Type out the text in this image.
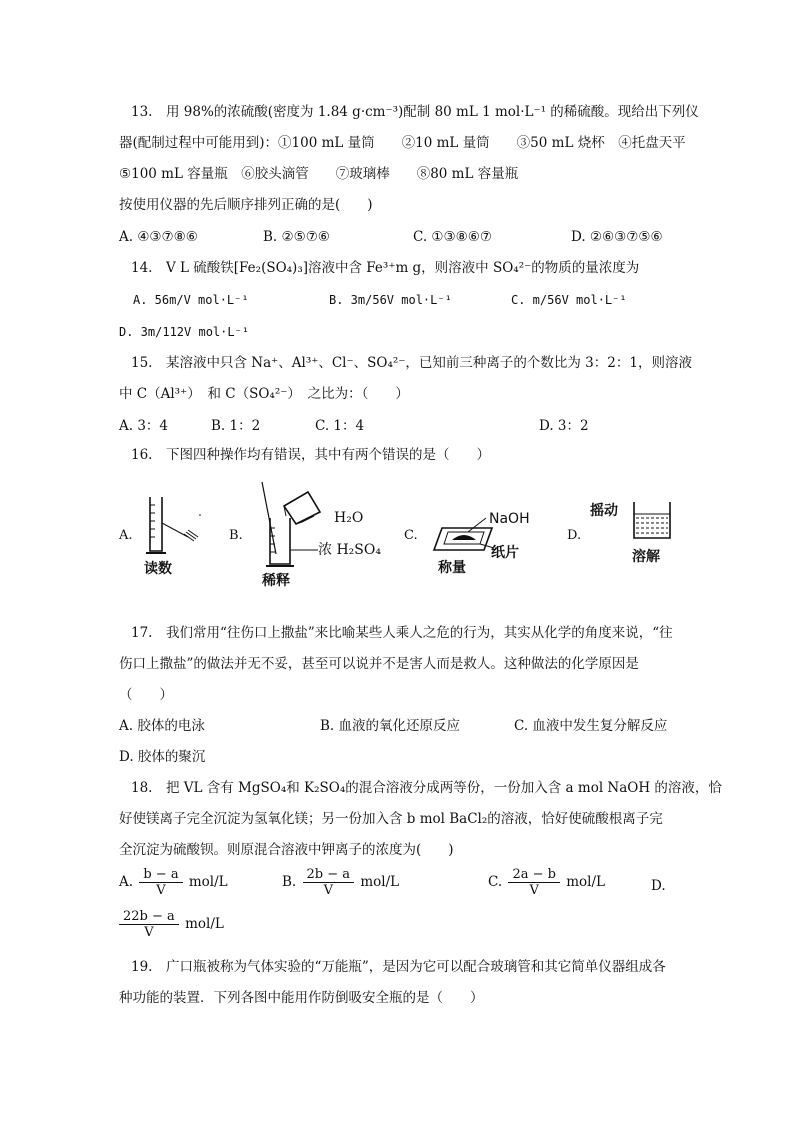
13.　用 98%的浓硫酸(密度为 1.84 g·cm⁻³)配制 80 mL 1 mol·L⁻¹ 的稀硫酸。现给出下列仪
器(配制过程中可能用到)：①100 mL 量筒　　②10 mL 量筒　　③50 mL 烧杯　④托盘天平
⑤100 mL 容量瓶　⑥胶头滴管　　⑦玻璃棒　　⑧80 mL 容量瓶
按使用仪器的先后顺序排列正确的是(　　)
A. ④③⑦⑧⑥	B. ②⑤⑦⑥	C. ①③⑧⑥⑦	D. ②⑥③⑦⑤⑥
14.　V L 硫酸铁[Fe₂(SO₄)₃]溶液中含 Fe³⁺m g，则溶液中 SO₄²⁻的物质的量浓度为
A. 56m/V mol·L⁻¹	B. 3m/56V mol·L⁻¹	C. m/56V mol·L⁻¹
D. 3m/112V mol·L⁻¹
15.　某溶液中只含 Na⁺、Al³⁺、Cl⁻、SO₄²⁻，已知前三种离子的个数比为 3：2：1，则溶液
中 C（Al³⁺）　和 C（SO₄²⁻）　之比为：（　　）
A. 3：4	B. 1：2	C. 1：4	D. 3：2
16.　下图四种操作均有错误，其中有两个错误的是（　　）
A.
读数
B.
H₂O
浓 H₂SO₄
稀释
C.
NaOH
纸片
称量
D.
摇动
溶解
17.　我们常用“往伤口上撒盐”来比喻某些人乘人之危的行为，其实从化学的角度来说，“往
伤口上撒盐”的做法并无不妥，甚至可以说并不是害人而是救人。这种做法的化学原因是
（　　）
A. 胶体的电泳	B. 血液的氧化还原反应	C. 血液中发生复分解反应
D. 胶体的聚沉
18.　把 VL 含有 MgSO₄和 K₂SO₄的混合溶液分成两等份，一份加入含 a mol NaOH 的溶液，恰
好使镁离子完全沉淀为氢氧化镁；另一份加入含 b mol BaCl₂的溶液，恰好使硫酸根离子完
全沉淀为硫酸钡。则原混合溶液中钾离子的浓度为(　　)
A. $\frac{b - a}{V} mol/L$	B. $\frac{2b - a}{V} mol/L$	C. $\frac{2a - b}{V} mol/L$	D.
$\frac{22b - a}{V} mol/L$
19.　广口瓶被称为气体实验的“万能瓶”，是因为它可以配合玻璃管和其它简单仪器组成各
种功能的装置．下列各图中能用作防倒吸安全瓶的是（　　）
